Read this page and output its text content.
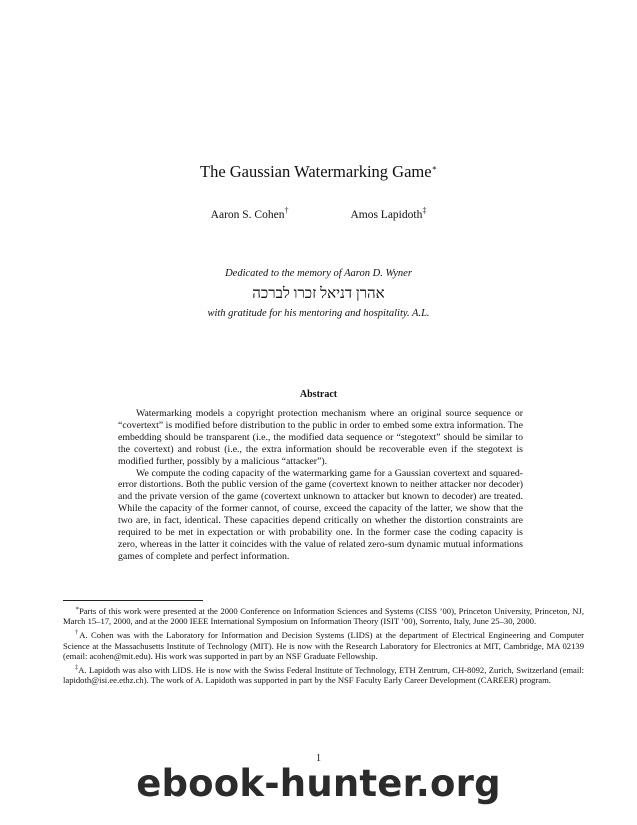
The Gaussian Watermarking Game∗
Aaron S. Cohen†	Amos Lapidoth‡
Dedicated to the memory of Aaron D. Wyner
אהרן דניאל זכרו לברכה
with gratitude for his mentoring and hospitality. A.L.
Abstract

Watermarking models a copyright protection mechanism where an original source sequence or “covertext” is modified before distribution to the public in order to embed some extra information. The embedding should be transparent (i.e., the modified data sequence or “stegotext” should be similar to the covertext) and robust (i.e., the extra information should be recoverable even if the stegotext is modified further, possibly by a malicious “attacker”).

We compute the coding capacity of the watermarking game for a Gaussian covertext and squared-error distortions. Both the public version of the game (covertext known to neither attacker nor decoder) and the private version of the game (covertext unknown to attacker but known to decoder) are treated. While the capacity of the former cannot, of course, exceed the capacity of the latter, we show that the two are, in fact, identical. These capacities depend critically on whether the distortion constraints are required to be met in expectation or with probability one. In the former case the coding capacity is zero, whereas in the latter it coincides with the value of related zero-sum dynamic mutual informations games of complete and perfect information.

∗Parts of this work were presented at the 2000 Conference on Information Sciences and Systems (CISS ’00), Princeton University, Princeton, NJ, March 15–17, 2000, and at the 2000 IEEE International Symposium on Information Theory (ISIT ’00), Sorrento, Italy, June 25–30, 2000.

†A. Cohen was with the Laboratory for Information and Decision Systems (LIDS) at the department of Electrical Engineering and Computer Science at the Massachusetts Institute of Technology (MIT). He is now with the Research Laboratory for Electronics at MIT, Cambridge, MA 02139 (email: acohen@mit.edu). His work was supported in part by an NSF Graduate Fellowship.

‡A. Lapidoth was also with LIDS. He is now with the Swiss Federal Institute of Technology, ETH Zentrum, CH-8092, Zurich, Switzerland (email: lapidoth@isi.ee.ethz.ch). The work of A. Lapidoth was supported in part by the NSF Faculty Early Career Development (CAREER) program.

1
ebook-hunter.org
